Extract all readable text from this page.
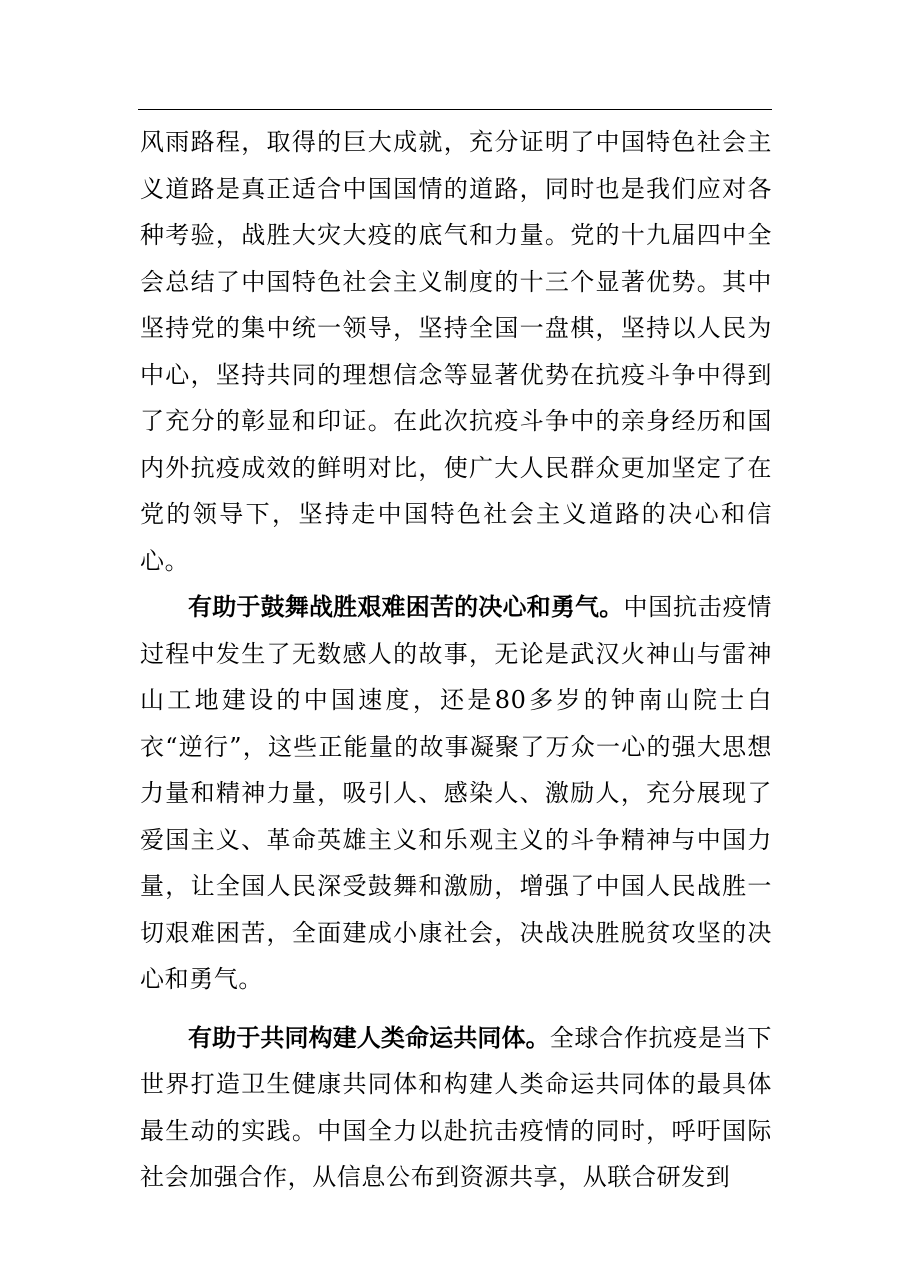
风雨路程，取得的巨大成就，充分证明了中国特色社会主义道路是真正适合中国国情的道路，同时也是我们应对各种考验，战胜大灾大疫的底气和力量。党的十九届四中全会总结了中国特色社会主义制度的十三个显著优势。其中坚持党的集中统一领导，坚持全国一盘棋，坚持以人民为中心，坚持共同的理想信念等显著优势在抗疫斗争中得到了充分的彰显和印证。在此次抗疫斗争中的亲身经历和国内外抗疫成效的鲜明对比，使广大人民群众更加坚定了在党的领导下，坚持走中国特色社会主义道路的决心和信心。

有助于鼓舞战胜艰难困苦的决心和勇气。中国抗击疫情过程中发生了无数感人的故事，无论是武汉火神山与雷神山工地建设的中国速度，还是80多岁的钟南山院士白衣“逆行”，这些正能量的故事凝聚了万众一心的强大思想力量和精神力量，吸引人、感染人、激励人，充分展现了爱国主义、革命英雄主义和乐观主义的斗争精神与中国力量，让全国人民深受鼓舞和激励，增强了中国人民战胜一切艰难困苦，全面建成小康社会，决战决胜脱贫攻坚的决心和勇气。

有助于共同构建人类命运共同体。全球合作抗疫是当下世界打造卫生健康共同体和构建人类命运共同体的最具体最生动的实践。中国全力以赴抗击疫情的同时，呼吁国际社会加强合作，从信息公布到资源共享，从联合研发到
